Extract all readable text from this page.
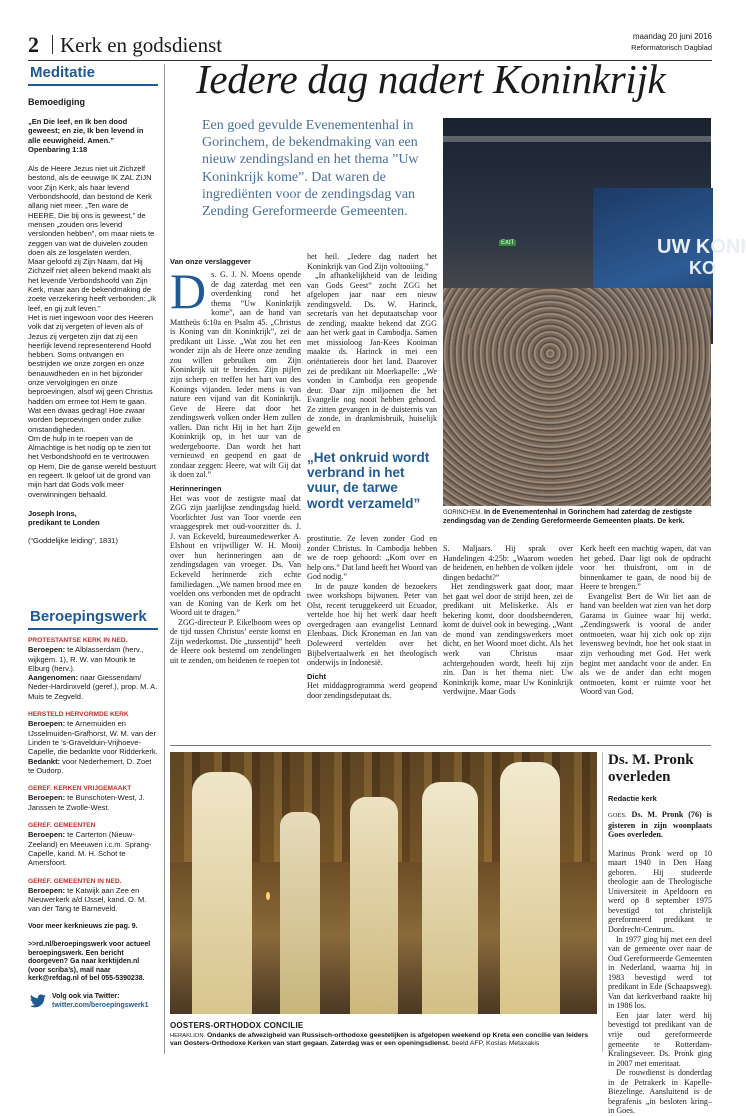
2 Kerk en godsdienst	maandag 20 juni 2016
Reformatorisch Dagblad
Meditatie
Bemoediging

„En Die leef, en Ik ben dood geweest; en zie, Ik ben levend in alle eeuwigheid. Amen.”

Openbaring 1:18

Als de Heere Jezus niet uit Zichzelf bestond, als de eeuwige IK ZAL ZIJN voor Zijn Kerk, als haar levend Verbondshoofd, dan bestond de Kerk allang niet meer. „Ten ware de HEERE, Die bij ons is geweest,” de mensen „zouden ons levend verslonden hebben”, om maar niets te zeggen van wat de duivelen zouden doen als ze losgelaten werden.

Maar geloofd zij Zijn Naam, dat Hij Zichzelf niet alleen bekend maakt als het levende Verbondshoofd van Zijn Kerk, maar aan de bekendmaking de zoete verzekering heeft verbonden: „Ik leef, en gij zult leven.”

Het is niet ingewoon voor des Heeren volk dat zij vergeten of leven als of Jezus zij vergeten zijn dat zij een heerlijk levend representerend Hoofd hebben. Soms ontvangen en bestrijden we onze zorgen en onze benauwdheden en in het bijzonder onze vervolgingen en onze beproevingen, alsof wij geen Christus hadden om ermee tot Hem te gaan. Wat een dwaas gedrag! Hoe zwaar worden beproevingen onder zulke omstandigheden.

Om de hulp in te roepen van de Almachtige is het nodig op te zien tot het Verbondshoofd en te vertrouwen op Hem, Die de ganse wereld bestuurt en regeert. Ik geloof uit de grond van mijn hart dat Gods volk meer overwinningen behaald.

Joseph Irons,

predikant te Londen

(“Goddelijke leiding”, 1831)

Beroepingswerk

PROTESTANTSE KERK IN NED.

Beroepen: te Alblasserdam (herv., wijkgem. 1), R. W. van Mourik te Elburg (herv.).

Aangenomen: naar Giessendam/ Neder-Hardinxveld (geref.), prop. M. A. Muis te Zegveld.

HERSTELD HERVORMDE KERK

Beroepen: te Arnemuiden en IJsselmuiden-Grafhorst, W. M. van der Linden te ’s-Gravelduin-Vrijhoeve-Capelle, die bedankte voor Ridderkerk.

Bedankt: voor Nederhemert, D. Zoet te Oudorp.

GEREF. KERKEN VRIJGEMAAKT

Beroepen: te Bunschoten-West, J. Janssen te Zwolle-West.

GEREF. GEMEENTEN

Beroepen: te Carterton (Nieuw-Zeeland) en Meeuwen i.c.m. Sprang-Capelle, kand. M. H. Schot te Amersfoort.

GEREF. GEMEENTEN IN NED.

Beroepen: te Katwijk aan Zee en Nieuwerkerk a/d IJssel, kand. O. M. van der Tang te Barneveld.

Voor meer kerknieuws zie pag. 9.

>>rd.nl/beroepingswerk voor actueel beroepingswerk. Een bericht doorgeven? Ga naar kerktijden.nl (voor scriba’s), mail naar kerk@refdag.nl of bel 055-5390238.

Volg ook via Twitter:
twitter.com/beroepingswerk1
Iedere dag nadert Koninkrijk
Een goed gevulde Evenementenhal in Gorinchem, de bekendmaking van een nieuw zendingsland en het thema ”Uw Koninkrijk kome”. Dat waren de ingrediënten voor de zendingsdag van Zending Gereformeerde Gemeenten.
UW KONI
KO
EXIT
GORINCHEM. In de Evenementenhal in Gorinchem had zaterdag de zestigste zendingsdag van de Zending Gereformeerde Gemeenten plaats. De kerk.
Van onze verslaggever
D s. G. J. N. Moens opende de dag zaterdag met een overdenking rond het thema ”Uw Koninkrijk kome”, aan de hand van Mattheüs 6:10a en Psalm 45. „Christus is Koning van dit Koninkrijk”, zei de predikant uit Lisse. „Wat zou het een wonder zijn als de Heere onze zending zou willen gebruiken om Zijn Koninkrijk uit te breiden. Zijn pijlen zijn scherp en treffen het hart van des Konings vijanden. Ieder mens is van nature een vijand van dit Koninkrijk. Geve de Heere dat door het zendingswerk volken onder Hem zullen vallen. Dan richt Hij in het hart Zijn Koninkrijk op, in het uur van de wedergeboorte. Dan wordt het hart vernieuwd en geopend en gaat de zondaar zeggen: Heere, wat wilt Gij dat ik doen zal.”

Herinneringen

Het was voor de zestigste maal dat ZGG zijn jaarlijkse zendingsdag hield. Voorlichter Just van Toor voerde een vraaggesprek met oud-voorzitter ds. J. J. van Eckeveld, bureaumedewerker A. Elshout en vrijwilliger W. H. Mooij over hun herinneringen aan de zendingsdagen van vroeger. Ds. Van Eckeveld herinnerde zich echte familiedagen. „We namen brood mee en voelden ons verbonden met de opdracht van de Koning van de Kerk om het Woord uit te dragen.”

ZGG-directeur P. Eikelboom wees op de tijd tussen Christus’ eerste komst en Zijn wederkomst. Die „tussentijd” heeft de Heere ook bestemd om zendelingen uit te zenden, om heidenen te roepen tot

het heil. „Iedere dag nadert het Koninkrijk van God Zijn voltooiing.”

„In afhankelijkheid van de leiding van Gods Geest” zocht ZGG het afgelopen jaar naar een nieuw zendingsveld. Ds. W. Harinck, secretaris van het deputaatschap voor de zending, maakte bekend dat ZGG aan het werk gaat in Cambodja. Samen met missioloog Jan-Kees Kooiman maakte ds. Harinck in mei een oriëntatiereis door het land. Daarover zei de predikant uit Moerkapelle: „We vonden in Cambodja een geopende deur. Daar zijn miljoenen die het Evangelie nog nooit hebben gehoord. Ze zitten gevangen in de duisternis van de zonde, in drankmisbruik, huiselijk geweld en

„Het onkruid wordt verbrand in het vuur, de tarwe wordt verzameld”

prostitutie. Ze leven zonder God en zonder Christus. In Cambodja hebben we de roep gehoord: „Kom over en help ons.” Dat land heeft het Woord van God nodig.”

In de pauze konden de bezoekers twee workshops bijwonen. Peter van Olst, recent teruggekeerd uit Ecuador, vertelde hoe hij het werk daar heeft overgedragen aan evangelist Lennard Elenbaas. Dick Kroneman en Jan van Doleweerd vertelden over het Bijbelvertaalwerk en het theologisch onderwijs in Indonesië.

Dicht

Het middagprogramma werd geopend door zendingsdeputaat ds.

S. Maljaars. Hij sprak over Handelingen 4:25b: „Waarom woeden de heidenen, en hebben de volken ijdele dingen bedacht?”

Het zendingswerk gaat door, maar het gaat wel door de strijd heen, zei de predikant uit Meliskerke. Als er bekering komt, door doodsbeenderen, komt de duivel ook in beweging. „Want de mond van zendingswerkers moet dicht, en het Woord moet dicht. Als het werk van Christus maar achtergehouden wordt, heeft hij zijn zin. Dan is het thema niet: Uw Koninkrijk kome, maar Uw Koninkrijk verdwijne. Maar Gods

Kerk heeft een machtig wapen, dat van het gebed. Daar ligt ook de opdracht voor het thuisfront, om in de binnenkamer te gaan, de nood bij de Heere te brengen.”

Evangelist Bert de Wit liet aan de hand van beelden wat zien van het dorp Garama in Guinee waar hij werkt. „Zendingswerk is vooral de ander ontmoeten, waar hij zich ook op zijn levensweg bevindt, hoe het ook staat in zijn verhouding met God. Het werk begint met aandacht voor de ander. En als we de ander dan echt mogen ontmoeten, komt er ruimte voor het Woord van God.

OOSTERS-ORTHODOX CONCILIE
HERAKLION. Ondanks de afwezigheid van Russisch-orthodoxe geestelijken is afgelopen weekend op Kreta een concilie van leiders van Oosters-Orthodoxe Kerken van start gegaan. Zaterdag was er een openingsdienst. beeld AFP, Kostas Metaxakis
Ds. M. Pronk overleden
Redactie kerk

GOES. Ds. M. Pronk (76) is gisteren in zijn woonplaats Goes overleden.

Marinus Pronk werd op 10 maart 1940 in Den Haag geboren. Hij studeerde theologie aan de Theologische Universiteit in Apeldoorn en werd op 8 september 1975 bevestigd tot christelijk gereformeerd predikant te Dordrecht-Centrum.

In 1977 ging hij met een deel van de gemeente over naar de Oud Gereformeerde Gemeenten in Nederland, waarna hij in 1983 bevestigd werd tot predikant in Ede (Schaapsweg). Van dat kerkverband raakte hij in 1986 los.

Een jaar later werd hij bevestigd tot predikant van de vrije oud gereformeerde gemeente te Rotterdam-Kralingseveer. Ds. Pronk ging in 2007 met emeritaat.

De rouwdienst is donderdag in de Petrakerk in Kapelle-Biezelinge. Aansluitend is de begrafenis „in besloten kring– in Goes.
